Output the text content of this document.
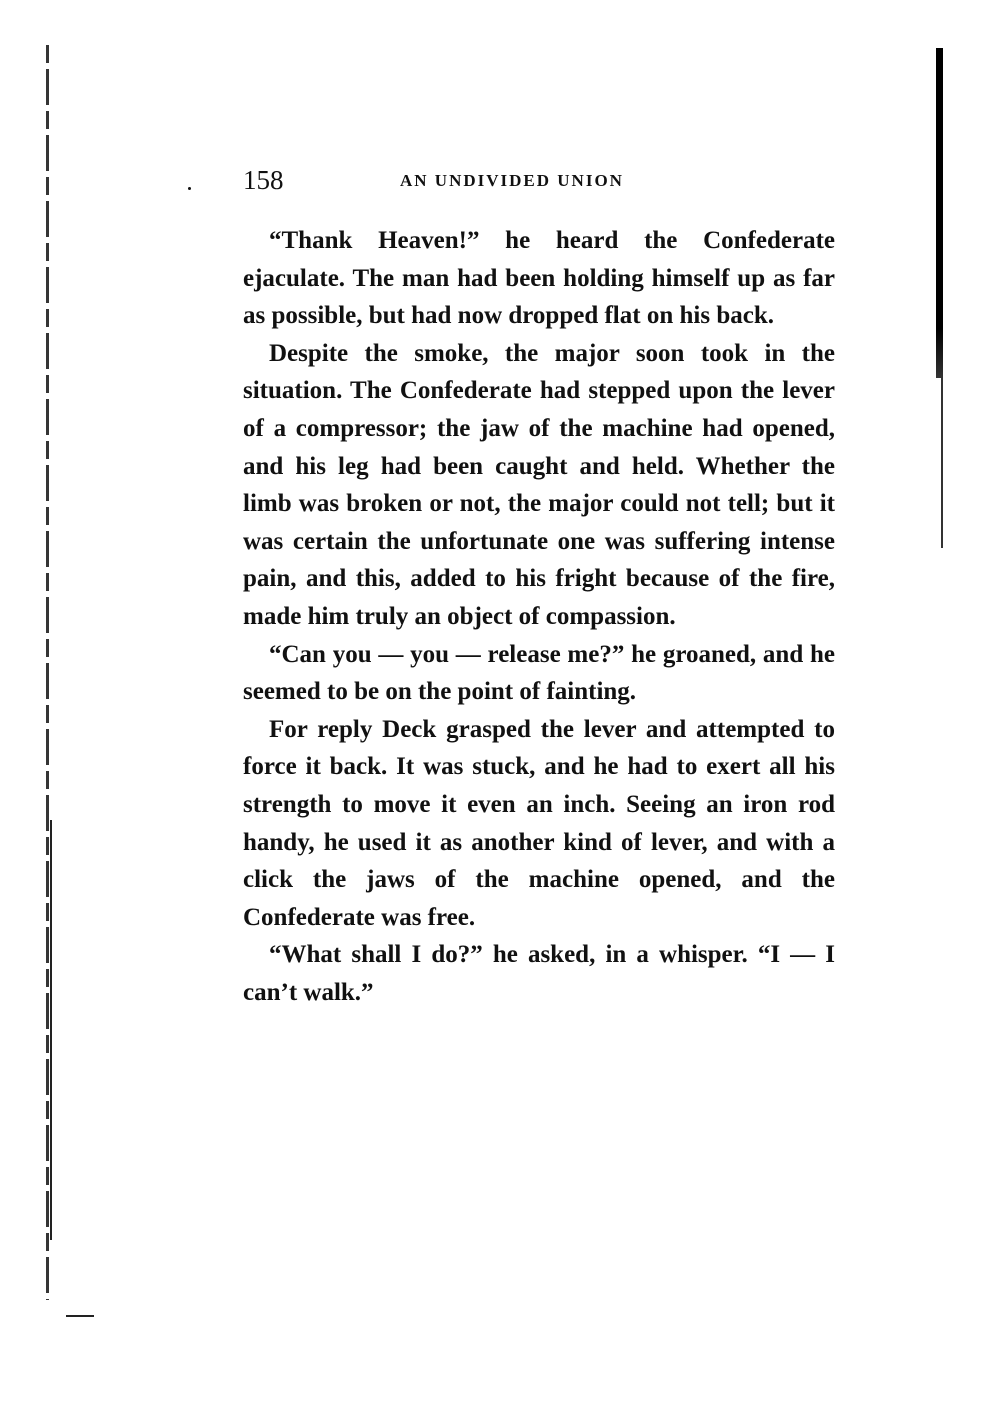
158	AN UNDIVIDED UNION

“Thank Heaven!” he heard the Confederate ejaculate. The man had been holding himself up as far as possible, but had now dropped flat on his back.

Despite the smoke, the major soon took in the situation. The Confederate had stepped upon the lever of a compressor; the jaw of the machine had opened, and his leg had been caught and held. Whether the limb was broken or not, the major could not tell; but it was certain the unfortunate one was suffering intense pain, and this, added to his fright because of the fire, made him truly an object of compassion.

“Can you — you — release me?” he groaned, and he seemed to be on the point of fainting.

For reply Deck grasped the lever and attempted to force it back. It was stuck, and he had to exert all his strength to move it even an inch. Seeing an iron rod handy, he used it as another kind of lever, and with a click the jaws of the machine opened, and the Confederate was free.

“What shall I do?” he asked, in a whisper. “I — I can’t walk.”
